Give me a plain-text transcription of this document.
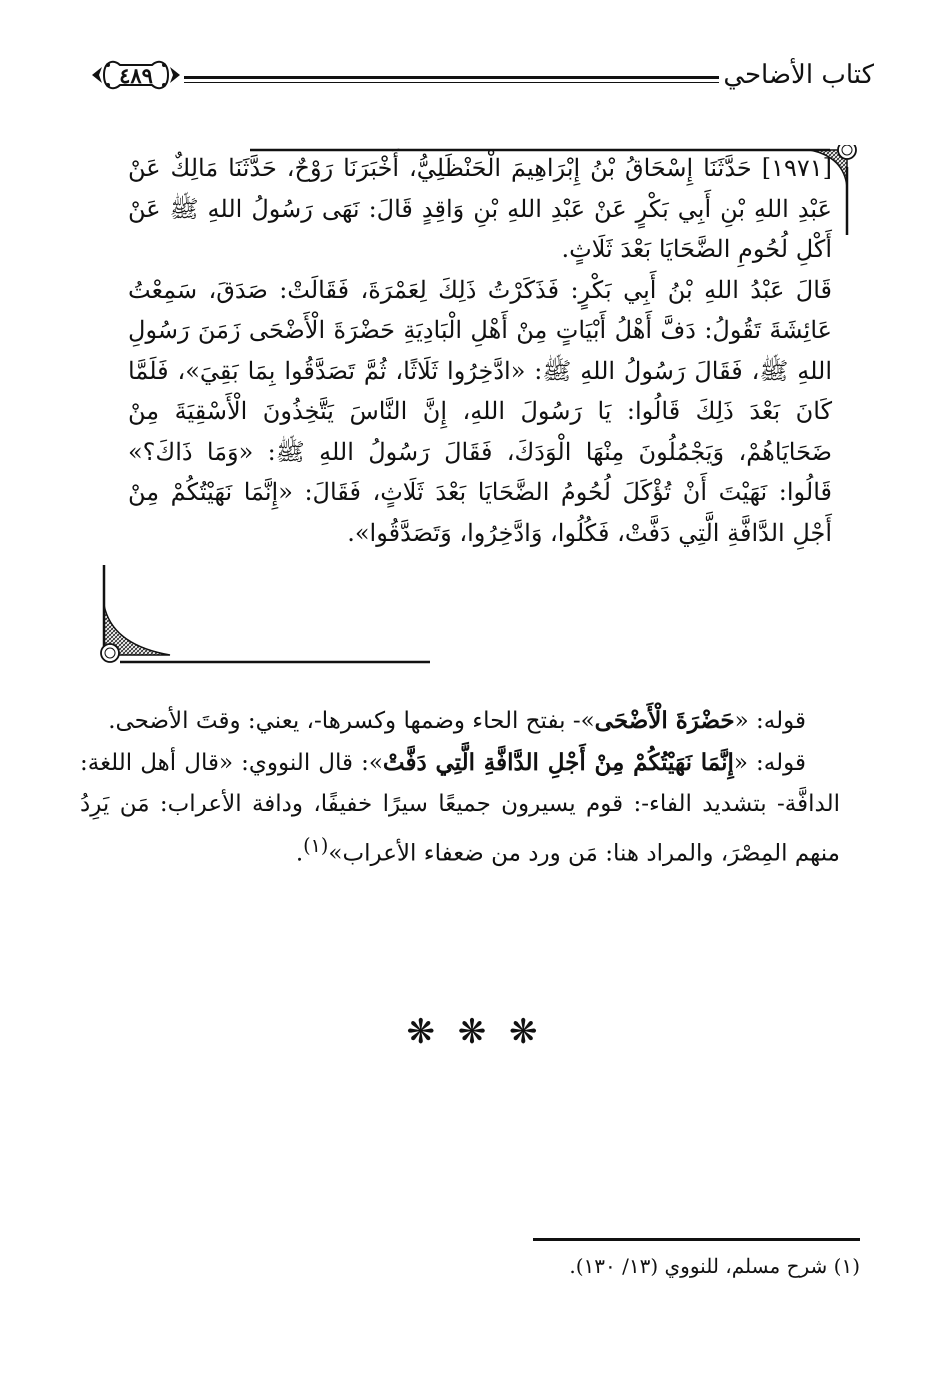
كتاب الأضاحي
٤٨٩

[١٩٧١] حَدَّثَنَا إِسْحَاقُ بْنُ إِبْرَاهِيمَ الْحَنْظَلِيُّ، أَخْبَرَنَا رَوْحٌ، حَدَّثَنَا مَالِكٌ عَنْ عَبْدِ اللهِ بْنِ أَبِي بَكْرٍ عَنْ عَبْدِ اللهِ بْنِ وَاقِدٍ قَالَ: نَهَى رَسُولُ اللهِ ﷺ عَنْ أَكْلِ لُحُومِ الضَّحَايَا بَعْدَ ثَلَاثٍ.

قَالَ عَبْدُ اللهِ بْنُ أَبِي بَكْرٍ: فَذَكَرْتُ ذَلِكَ لِعَمْرَةَ، فَقَالَتْ: صَدَقَ، سَمِعْتُ عَائِشَةَ تَقُولُ: دَفَّ أَهْلُ أَبْيَاتٍ مِنْ أَهْلِ الْبَادِيَةِ حَضْرَةَ الْأَضْحَى زَمَنَ رَسُولِ اللهِ ﷺ، فَقَالَ رَسُولُ اللهِ ﷺ: «ادَّخِرُوا ثَلَاثًا، ثُمَّ تَصَدَّقُوا بِمَا بَقِيَ»، فَلَمَّا كَانَ بَعْدَ ذَلِكَ قَالُوا: يَا رَسُولَ اللهِ، إِنَّ النَّاسَ يَتَّخِذُونَ الْأَسْقِيَةَ مِنْ ضَحَايَاهُمْ، وَيَجْمُلُونَ مِنْهَا الْوَدَكَ، فَقَالَ رَسُولُ اللهِ ﷺ: «وَمَا ذَاكَ؟» قَالُوا: نَهَيْتَ أَنْ تُؤْكَلَ لُحُومُ الضَّحَايَا بَعْدَ ثَلَاثٍ، فَقَالَ: «إِنَّمَا نَهَيْتُكُمْ مِنْ أَجْلِ الدَّافَّةِ الَّتِي دَفَّتْ، فَكُلُوا، وَادَّخِرُوا، وَتَصَدَّقُوا».

قوله: «حَضْرَةَ الْأَضْحَى»- بفتح الحاء وضمها وكسرها-، يعني: وقتَ الأضحى.

قوله: «إِنَّمَا نَهَيْتُكُمْ مِنْ أَجْلِ الدَّافَّةِ الَّتِي دَفَّتْ»: قال النووي: «قال أهل اللغة: الدافَّة- بتشديد الفاء-: قوم يسيرون جميعًا سيرًا خفيفًا، ودافة الأعراب: مَن يَرِدُ منهم المِصْرَ، والمراد هنا: مَن ورد من ضعفاء الأعراب»$^{(١)}$.

❋ ❋ ❋
(١) شرح مسلم، للنووي (١٣/ ١٣٠).
